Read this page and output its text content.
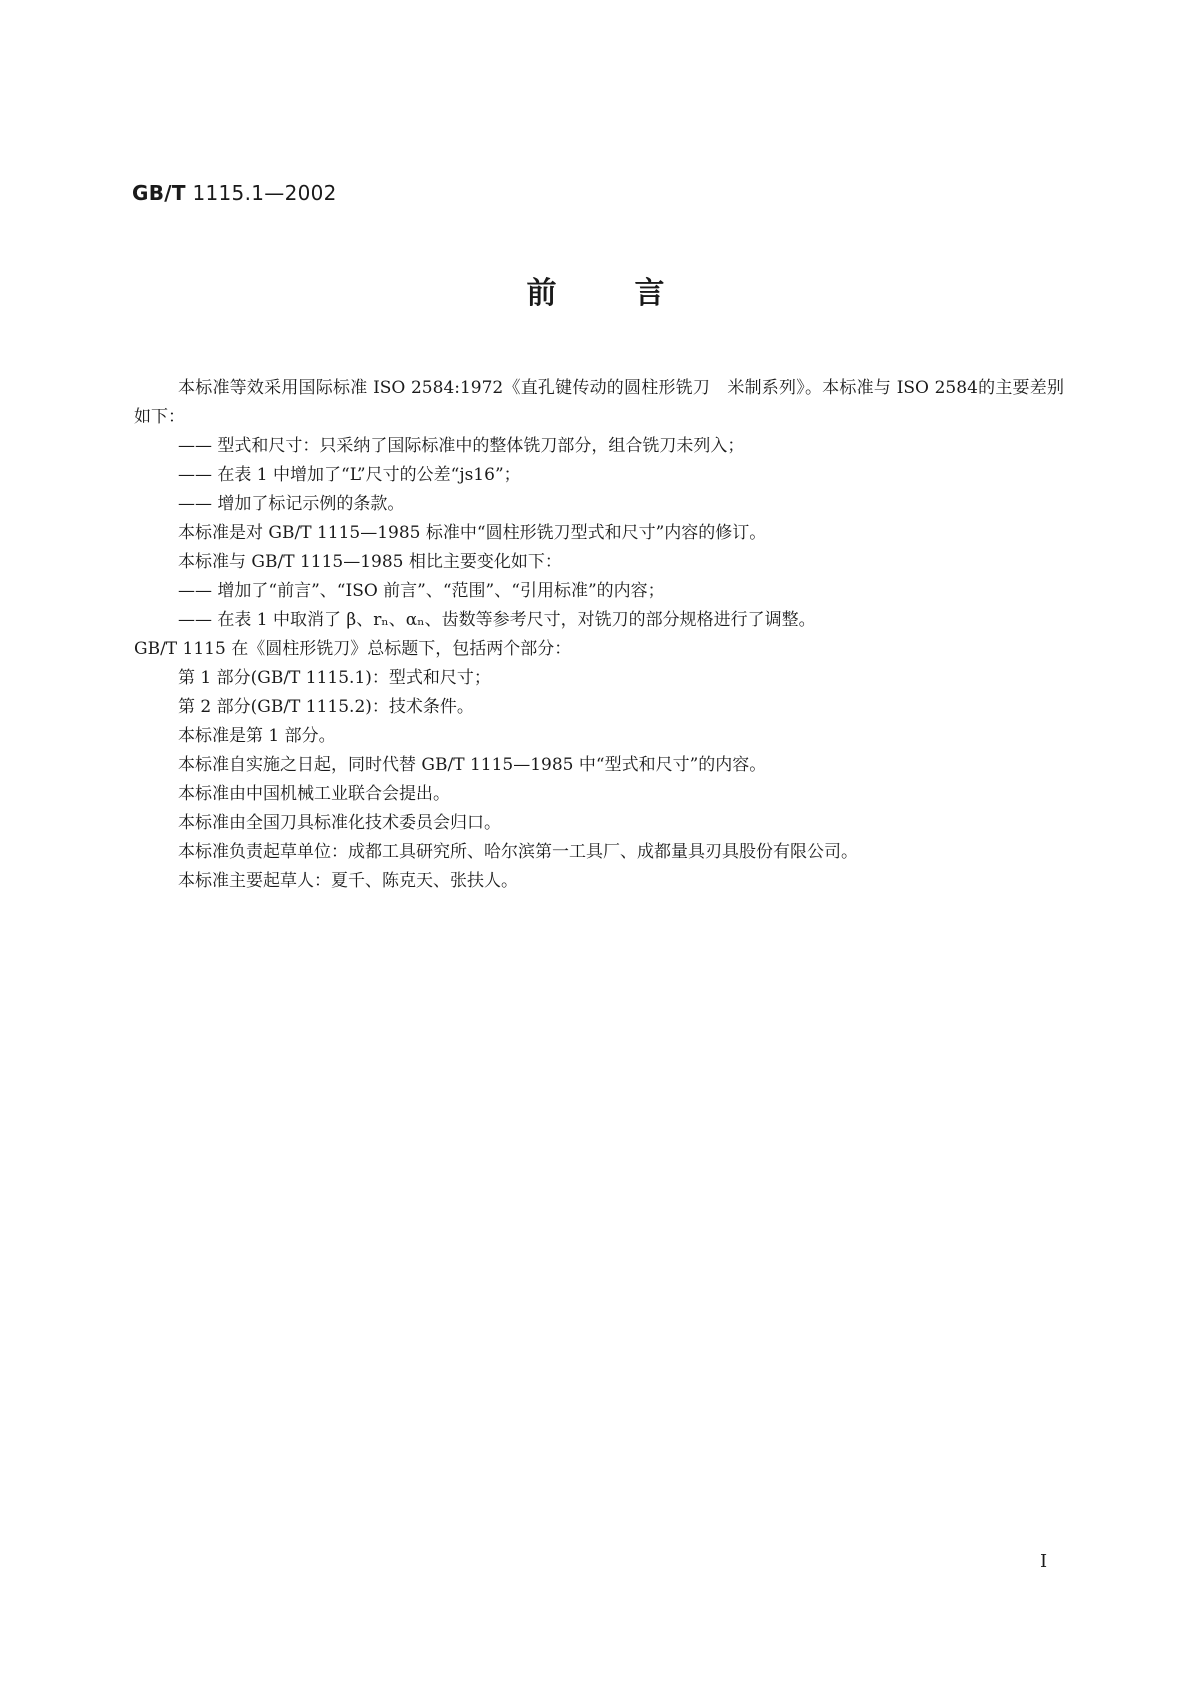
GB/T 1115.1—2002
前言

本标准等效采用国际标准 ISO 2584:1972《直孔键传动的圆柱形铣刀　米制系列》。本标准与 ISO 2584的主要差别如下：

—— 型式和尺寸：只采纳了国际标准中的整体铣刀部分，组合铣刀未列入；

—— 在表 1 中增加了“L”尺寸的公差“js16”；

—— 增加了标记示例的条款。

本标准是对 GB/T 1115—1985 标准中“圆柱形铣刀型式和尺寸”内容的修订。

本标准与 GB/T 1115—1985 相比主要变化如下：

—— 增加了“前言”、“ISO 前言”、“范围”、“引用标准”的内容；

—— 在表 1 中取消了 β、rₙ、αₙ、齿数等参考尺寸，对铣刀的部分规格进行了调整。

GB/T 1115 在《圆柱形铣刀》总标题下，包括两个部分：

第 1 部分(GB/T 1115.1)：型式和尺寸；

第 2 部分(GB/T 1115.2)：技术条件。

本标准是第 1 部分。

本标准自实施之日起，同时代替 GB/T 1115—1985 中“型式和尺寸”的内容。

本标准由中国机械工业联合会提出。

本标准由全国刀具标准化技术委员会归口。

本标准负责起草单位：成都工具研究所、哈尔滨第一工具厂、成都量具刃具股份有限公司。

本标准主要起草人：夏千、陈克天、张扶人。

I
